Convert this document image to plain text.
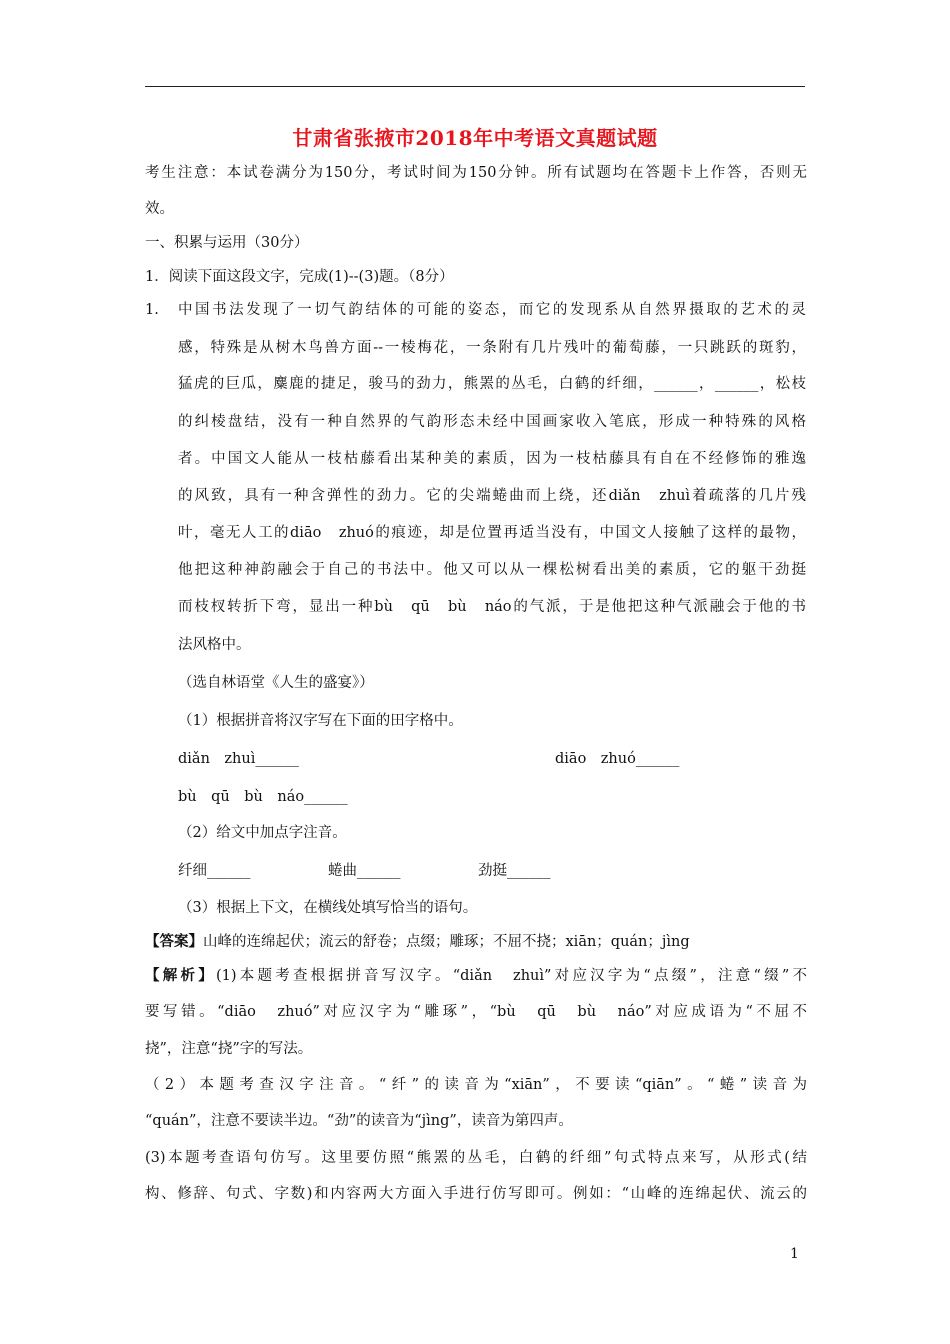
甘肃省张掖市2018年中考语文真题试题
考生注意：本试卷满分为150分，考试时间为150分钟。所有试题均在答题卡上作答，否则无
效。
一、积累与运用（30分）
1．阅读下面这段文字，完成(1)--(3)题。（8分）
1. 中国书法发现了一切气韵结体的可能的姿态，而它的发现系从自然界摄取的艺术的灵
感，特殊是从树木鸟兽方面--一棱梅花，一条附有几片残叶的葡萄藤，一只跳跃的斑豹，
猛虎的巨瓜，麋鹿的捷足，骏马的劲力，熊罴的丛毛，白鹤的纤细，______，______，松枝
的纠棱盘结，没有一种自然界的气韵形态未经中国画家收入笔底，形成一种特殊的风格
者。中国文人能从一枝枯藤看出某种美的素质，因为一枝枯藤具有自在不经修饰的雅逸
的风致，具有一种含弹性的劲力。它的尖端蜷曲而上绕，还diǎn　zhuì着疏落的几片残
叶，毫无人工的diāo　zhuó的痕迹，却是位置再适当没有，中国文人接触了这样的最物，
他把这种神韵融会于自己的书法中。他又可以从一棵松树看出美的素质，它的躯干劲挺
而枝杈转折下弯，显出一种bù　qū　bù　náo的气派，于是他把这种气派融会于他的书
法风格中。
（选自林语堂《人生的盛宴》）
（1）根据拼音将汉字写在下面的田字格中。
diǎn　zhuì______	diāo　zhuó______
bù　qū　bù　náo______
（2）给文中加点字注音。
纤细______	蜷曲______	劲挺______
（3）根据上下文，在横线处填写恰当的语句。
【答案】山峰的连绵起伏；流云的舒卷；点缀；雕琢；不屈不挠；xiān；quán；jìng
【解析】(1)本题考查根据拼音写汉字。“diǎn　zhuì”对应汉字为“点缀”，注意“缀”不
要写错。“diāo　zhuó”对应汉字为“雕琢”，“bù　qū　bù　náo”对应成语为“不屈不
挠”，注意“挠”字的写法。
（2）本题考查汉字注音。“纤”的读音为“xiān”，不要读“qiān”。“蜷”读音为
“quán”，注意不要读半边。“劲”的读音为“jìng”，读音为第四声。
(3)本题考查语句仿写。这里要仿照“熊罴的丛毛，白鹤的纤细”句式特点来写，从形式(结
构、修辞、句式、字数)和内容两大方面入手进行仿写即可。例如：“山峰的连绵起伏、流云的
1
